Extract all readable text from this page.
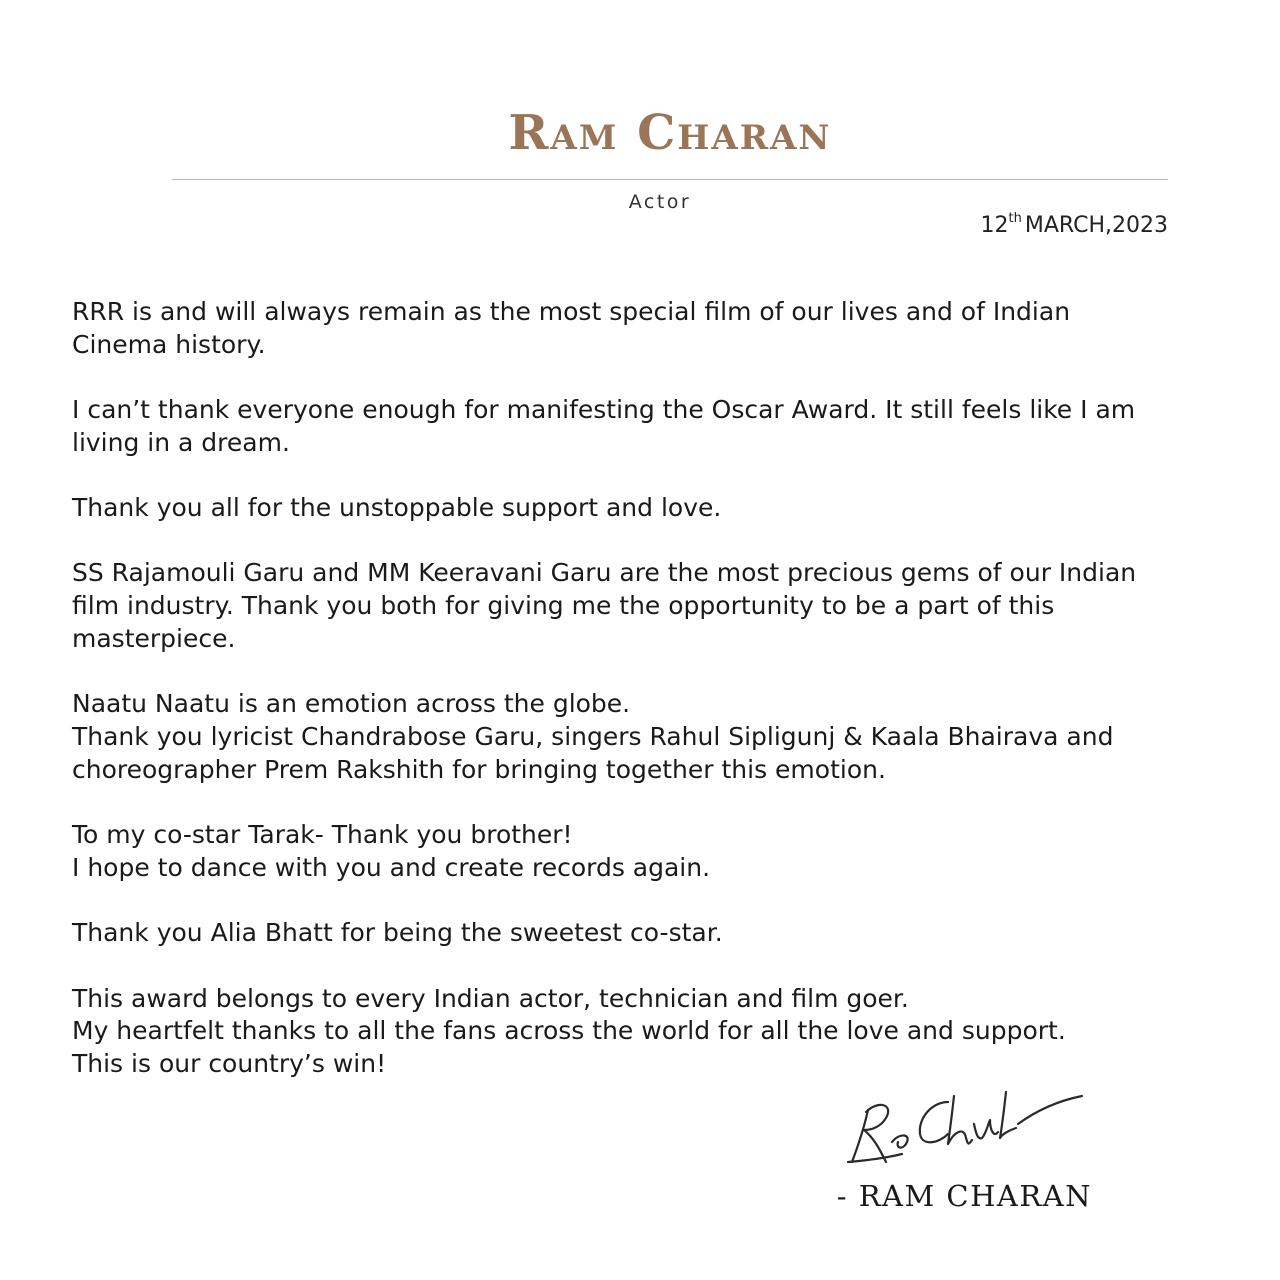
Ram Charan
Actor
12th MARCH,2023

RRR is and will always remain as the most special film of our lives and of Indian
Cinema history.

I can’t thank everyone enough for manifesting the Oscar Award. It still feels like I am
living in a dream.

Thank you all for the unstoppable support and love.

SS Rajamouli Garu and MM Keeravani Garu are the most precious gems of our Indian
film industry. Thank you both for giving me the opportunity to be a part of this
masterpiece.

Naatu Naatu is an emotion across the globe.
Thank you lyricist Chandrabose Garu, singers Rahul Sipligunj & Kaala Bhairava and
choreographer Prem Rakshith for bringing together this emotion.

To my co-star Tarak- Thank you brother!
I hope to dance with you and create records again.

Thank you Alia Bhatt for being the sweetest co-star.

This award belongs to every Indian actor, technician and film goer.
My heartfelt thanks to all the fans across the world for all the love and support.
This is our country’s win!

- RAM CHARAN
